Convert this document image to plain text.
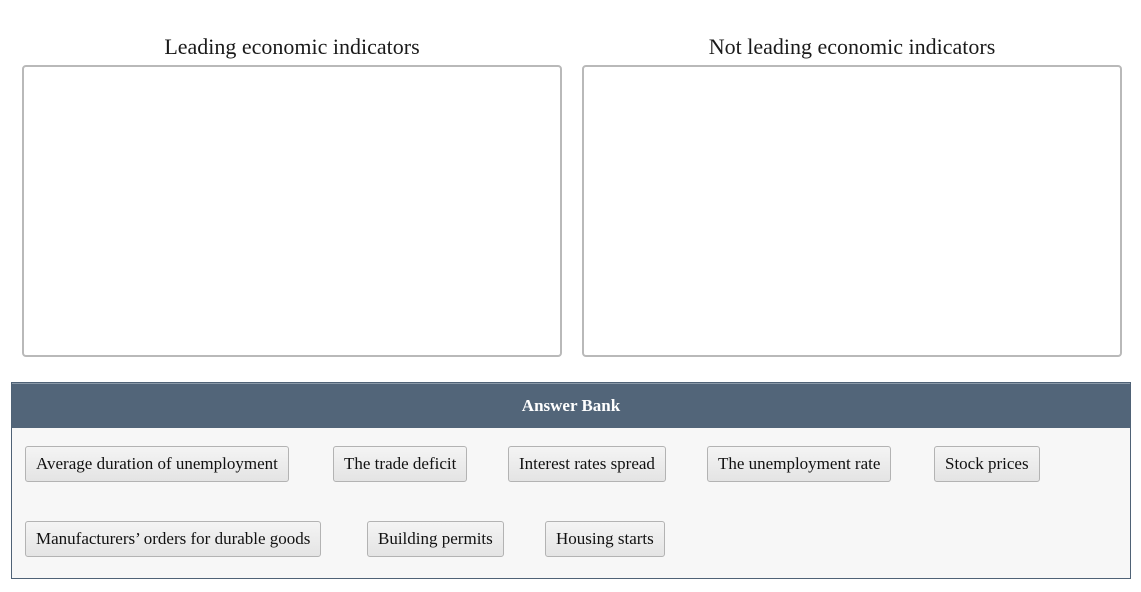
Leading economic indicators	Not leading economic indicators
Answer Bank
Average duration of unemployment	The trade deficit	Interest rates spread	The unemployment rate	Stock prices
Manufacturers’ orders for durable goods	Building permits	Housing starts
